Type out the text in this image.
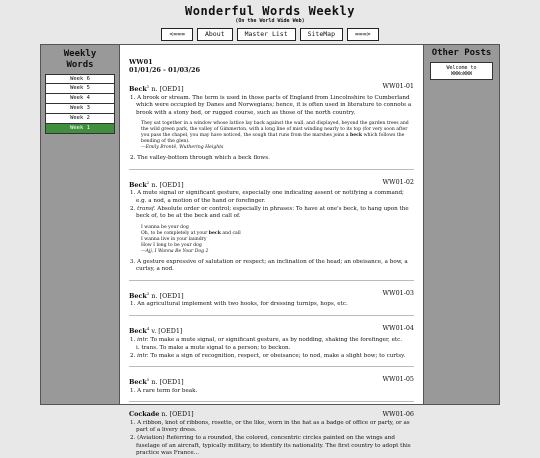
Wonderful Words Weekly
(On the World Wide Web)
<===	About	Master List	SiteMap	===>
Weekly
Words
Week 6
Week 5
Week 4
Week 3
Week 2
Week 1
WW01
01/01/26 - 01/03/26
Beck$^1$ n. [OED1]	WW01-01
1. A brook or stream. The term is used in those parts of England from Lincolnshire to Cumberland which were occupied by Danes and Norwegians; hence, it is often used in literature to connote a brook with a stony bed, or rugged course, such as those of the north country.
They sat together in a window whose lattice lay back against the wall, and displayed, beyond the garden trees and the wild green park, the valley of Gimmerton, with a long line of mist winding nearly to its top (for very soon after you pass the chapel, you may have noticed, the sough that runs from the marshes joins a beck which follows the bending of the glen).
—Emily Brontë, Wuthering Heights
2. The valley-bottom through which a beck flows.
Beck$^2$ n. [OED1]	WW01-02
1. A mute signal or significant gesture, especially one indicating assent or notifying a command; e.g. a nod, a motion of the hand or forefinger.
2. transf. Absolute order or control; especially in phrases: To have at one's beck, to hang upon the beck of, to be at the beck and call of.
I wanna be your dog
Oh, to be completely at your beck and call
I wanna live in your laundry
How I long to be your dog
—Ajj, I Wanna Be Your Dog 2
3. A gesture expressive of salutation or respect; an inclination of the head; an obeisance, a bow, a curtsy, a nod.
Beck$^3$ n. [OED1]	WW01-03
1. An agricultural implement with two hooks, for dressing turnips, hops, etc.
Beck$^4$ v. [OED1]	WW01-04
1. intr. To make a mute signal, or significant gesture, as by nodding, shaking the forefinger, etc.
i. trans. To make a mute signal to a person; to beckon.
2. intr. To make a sign of recognition, respect, or obeisance; to nod, make a slight bow; to curtsy.
Beck$^5$ n. [OED1]	WW01-05
1. A rare term for beak.
Cockade n. [OED1]	WW01-06
1. A ribbon, knot of ribbons, rosette, or the like, worn in the hat as a badge of office or party, or as part of a livery dress.
2. (Aviation) Referring to a rounded, the colored, concentric circles painted on the wings and fuselage of an aircraft, typically military, to identify its nationality. The first country to adopt this practice was France...
Other Posts
Welcome to
WWWoWWW
